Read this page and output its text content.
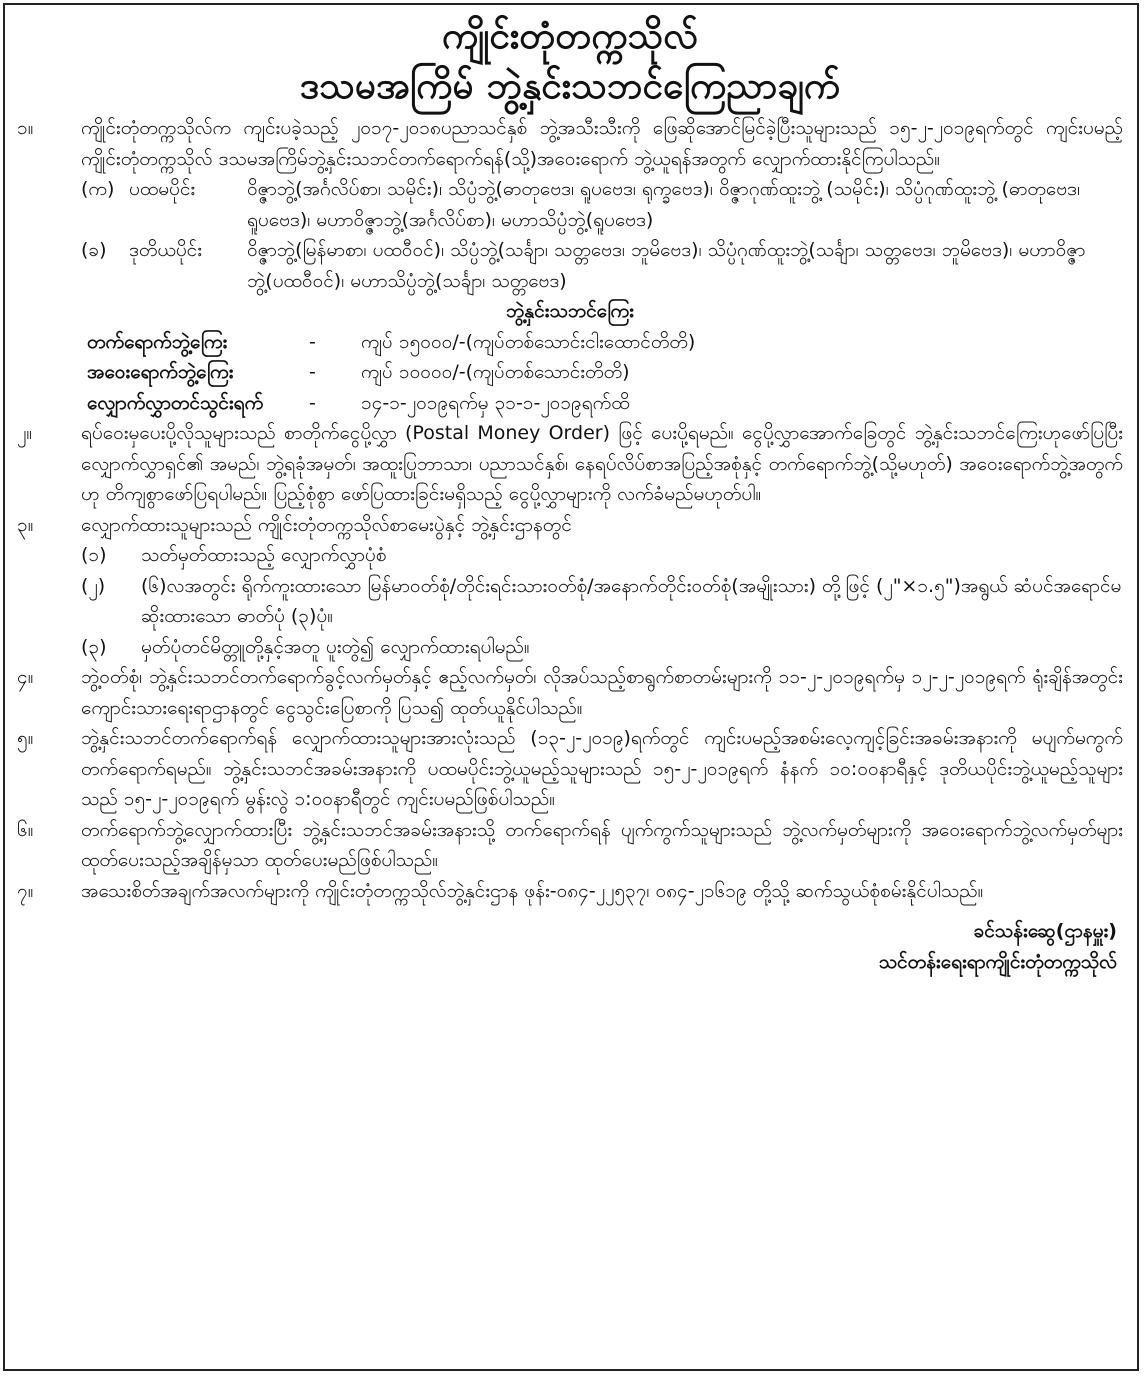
ကျိုင်းတုံတက္ကသိုလ်
ဒသမအကြိမ် ဘွဲ့နှင်းသဘင်ကြေညာချက်
၁။	ကျိုင်းတုံတက္ကသိုလ်က ကျင်းပခဲ့သည့် ၂၀၁၇-၂၀၁၈ပညာသင်နှစ် ဘွဲ့အသီးသီးကို ဖြေဆိုအောင်မြင်ခဲ့ပြီးသူများသည် ၁၅-၂-၂၀၁၉ရက်တွင် ကျင်းပမည့် ကျိုင်းတုံတက္ကသိုလ် ဒသမအကြိမ်ဘွဲ့နှင်းသဘင်တက်ရောက်ရန်(သို့)အဝေးရောက် ဘွဲ့ယူရန်အတွက် လျှောက်ထားနိုင်ကြပါသည်။
(က) ပထမပိုင်း	ဝိဇ္ဇာဘွဲ့(အင်္ဂလိပ်စာ၊ သမိုင်း)၊ သိပ္ပံဘွဲ့(ဓာတုဗေဒ၊ ရူပဗေဒ၊ ရုက္ခဗေဒ)၊ ဝိဇ္ဇာဂုဏ်ထူးဘွဲ့ (သမိုင်း)၊ သိပ္ပံဂုဏ်ထူးဘွဲ့ (ဓာတုဗေဒ၊ ရူပဗေဒ)၊ မဟာဝိဇ္ဇာဘွဲ့(အင်္ဂလိပ်စာ)၊ မဟာသိပ္ပံဘွဲ့(ရူပဗေဒ)
(ခ)	ဒုတိယပိုင်း	ဝိဇ္ဇာဘွဲ့(မြန်မာစာ၊ ပထဝီဝင်)၊ သိပ္ပံဘွဲ့(သင်္ချာ၊ သတ္တဗေဒ၊ ဘူမိဗေဒ)၊ သိပ္ပံဂုဏ်ထူးဘွဲ့(သင်္ချာ၊ သတ္တဗေဒ၊ ဘူမိဗေဒ)၊ မဟာဝိဇ္ဇာဘွဲ့(ပထဝီဝင်)၊ မဟာသိပ္ပံဘွဲ့(သင်္ချာ၊ သတ္တဗေဒ)
ဘွဲ့နှင်းသဘင်ကြေး
တက်ရောက်ဘွဲ့ကြေး	-	ကျပ် ၁၅၀၀၀/-(ကျပ်တစ်သောင်းငါးထောင်တိတိ)
အဝေးရောက်ဘွဲ့ကြေး	-	ကျပ် ၁၀၀၀၀/-(ကျပ်တစ်သောင်းတိတိ)
လျှောက်လွှာတင်သွင်းရက်	-	၁၄-၁-၂၀၁၉ရက်မှ ၃၁-၁-၂၀၁၉ရက်ထိ
၂။	ရပ်ဝေးမှပေးပို့လိုသူများသည် စာတိုက်ငွေပို့လွှာ (Postal Money Order) ဖြင့် ပေးပို့ရမည်။ ငွေပို့လွှာအောက်ခြေတွင် ဘွဲ့နှင်းသဘင်ကြေးဟုဖော်ပြပြီး လျှောက်လွှာရှင်၏ အမည်၊ ဘွဲ့ရခုံအမှတ်၊ အထူးပြုဘာသာ၊ ပညာသင်နှစ်၊ နေရပ်လိပ်စာအပြည့်အစုံနှင့် တက်ရောက်ဘွဲ့(သို့မဟုတ်) အဝေးရောက်ဘွဲ့အတွက်ဟု တိကျစွာဖော်ပြရပါမည်။ ပြည့်စုံစွာ ဖော်ပြထားခြင်းမရှိသည့် ငွေပို့လွှာများကို လက်ခံမည်မဟုတ်ပါ။
၃။	လျှောက်ထားသူများသည် ကျိုင်းတုံတက္ကသိုလ်စာမေးပွဲနှင့် ဘွဲ့နှင်းဌာနတွင်
(၁)	သတ်မှတ်ထားသည့် လျှောက်လွှာပုံစံ
(၂)	(၆)လအတွင်း ရိုက်ကူးထားသော မြန်မာဝတ်စုံ/တိုင်းရင်းသားဝတ်စုံ/အနောက်တိုင်းဝတ်စုံ(အမျိုးသား) တို့ဖြင့် (၂"×၁.၅")အရွယ် ဆံပင်အရောင်မဆိုးထားသော ဓာတ်ပုံ (၃)ပုံ။
(၃)	မှတ်ပုံတင်မိတ္တူတို့နှင့်အတူ ပူးတွဲ၍ လျှောက်ထားရပါမည်။
၄။	ဘွဲ့ဝတ်စုံ၊ ဘွဲ့နှင်းသဘင်တက်ရောက်ခွင့်လက်မှတ်နှင့် ဧည့်လက်မှတ်၊ လိုအပ်သည့်စာရွက်စာတမ်းများကို ၁၁-၂-၂၀၁၉ရက်မှ ၁၂-၂-၂၀၁၉ရက် ရုံးချိန်အတွင်း ကျောင်းသားရေးရာဌာနတွင် ငွေသွင်းပြေစာကို ပြသ၍ ထုတ်ယူနိုင်ပါသည်။
၅။	ဘွဲ့နှင်းသဘင်တက်ရောက်ရန် လျှောက်ထားသူများအားလုံးသည် (၁၃-၂-၂၀၁၉)ရက်တွင် ကျင်းပမည့်အစမ်းလေ့ကျင့်ခြင်းအခမ်းအနားကို မပျက်မကွက်တက်ရောက်ရမည်။ ဘွဲ့နှင်းသဘင်အခမ်းအနားကို ပထမပိုင်းဘွဲ့ယူမည့်သူများသည် ၁၅-၂-၂၀၁၉ရက် နံနက် ၁၀:၀၀နာရီနှင့် ဒုတိယပိုင်းဘွဲ့ယူမည့်သူများသည် ၁၅-၂-၂၀၁၉ရက် မွန်းလွဲ ၁:၀၀နာရီတွင် ကျင်းပမည်ဖြစ်ပါသည်။
၆။	တက်ရောက်ဘွဲ့လျှောက်ထားပြီး ဘွဲ့နှင်းသဘင်အခမ်းအနားသို့ တက်ရောက်ရန် ပျက်ကွက်သူများသည် ဘွဲ့လက်မှတ်များကို အဝေးရောက်ဘွဲ့လက်မှတ်များ ထုတ်ပေးသည့်အချိန်မှသာ ထုတ်ပေးမည်ဖြစ်ပါသည်။
၇။	အသေးစိတ်အချက်အလက်များကို ကျိုင်းတုံတက္ကသိုလ်ဘွဲ့နှင်းဌာန ဖုန်း-၀၈၄-၂၂၅၃၇၊ ၀၈၄-၂၁၆၁၉ တို့သို့ ဆက်သွယ်စုံစမ်းနိုင်ပါသည်။
ခင်သန်းဆွေ(ဌာနမှူး)
သင်တန်းရေးရာကျိုင်းတုံတက္ကသိုလ်
